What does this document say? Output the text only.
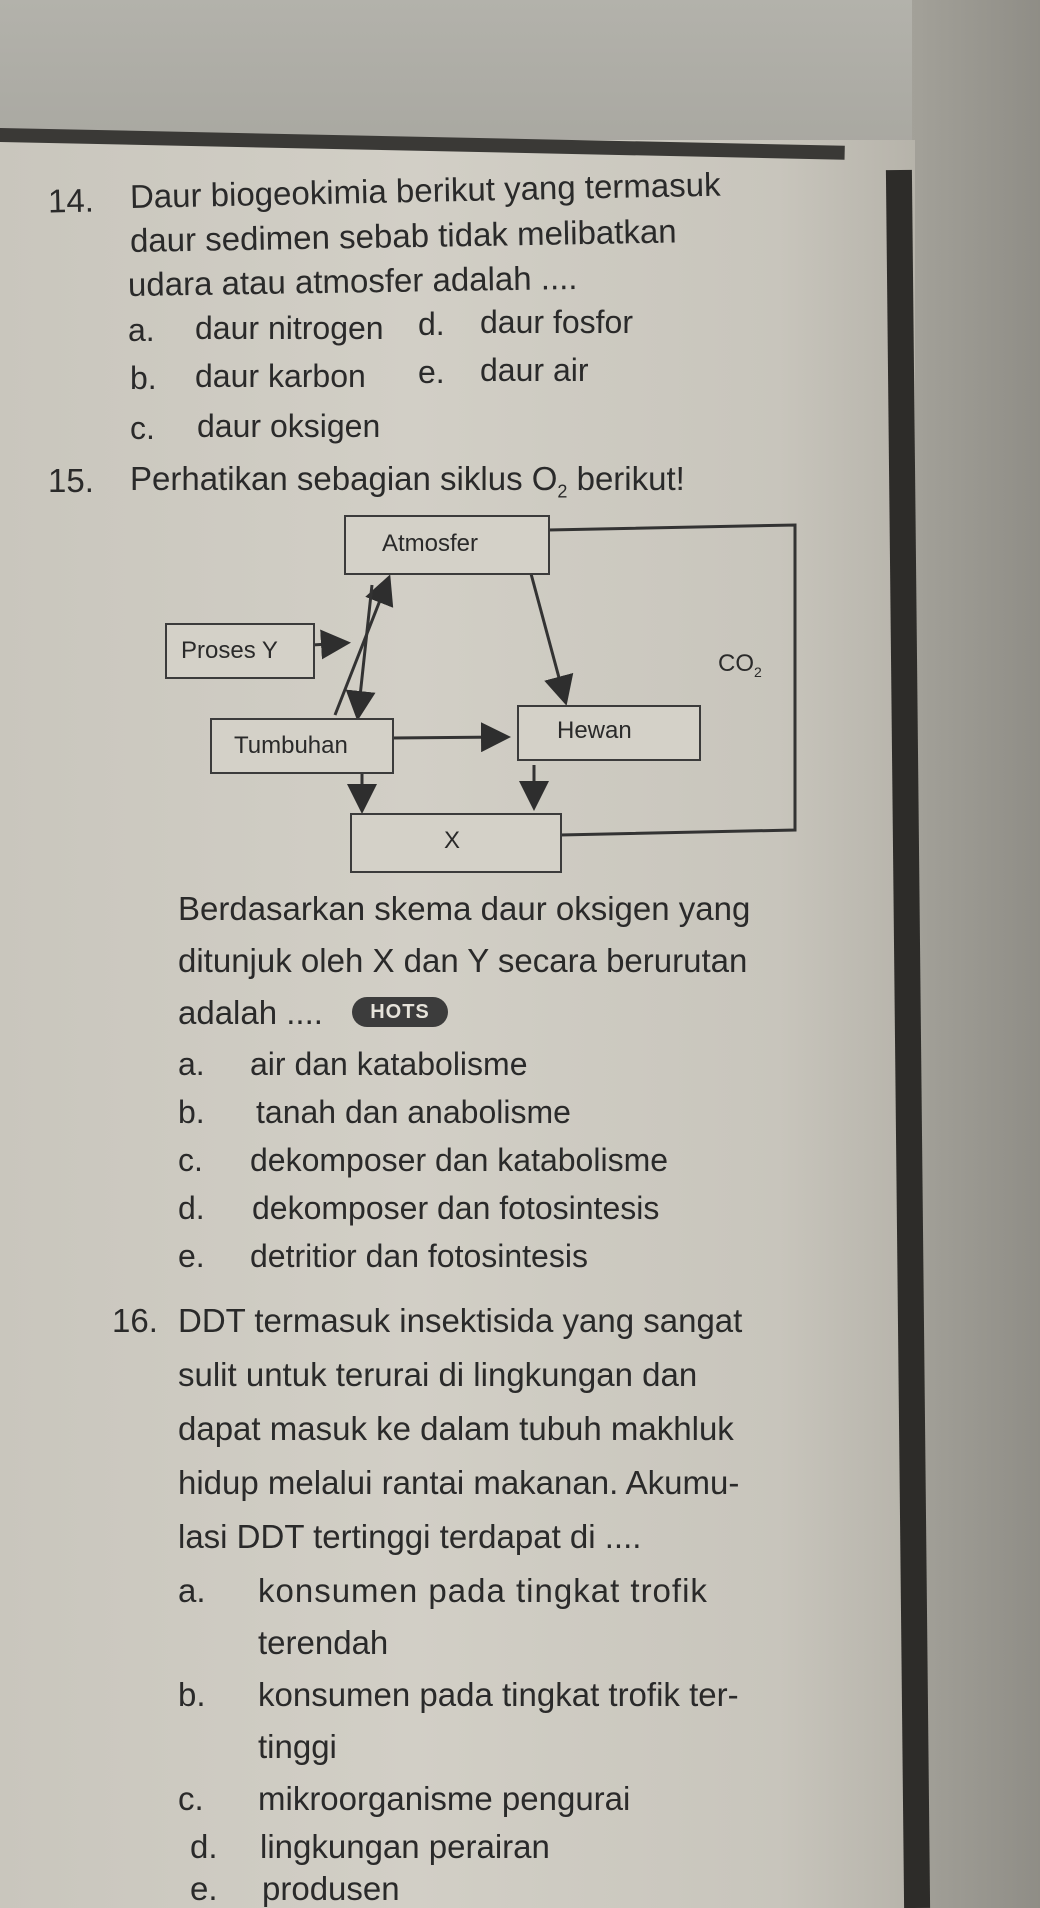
14. Daur biogeokimia berikut yang termasuk
daur sedimen sebab tidak melibatkan
udara atau atmosfer adalah ....
a. daur nitrogen d. daur fosfor
b. daur karbon e. daur air
c. daur oksigen
15. Perhatikan sebagian siklus $O_2$ berikut!
Atmosfer
Proses Y	$CO_2$
Tumbuhan
Hewan
X
Berdasarkan skema daur oksigen yang
ditunjuk oleh X dan Y secara berurutan
adalah ....	HOTS
a. air dan katabolisme
b. tanah dan anabolisme
c. dekomposer dan katabolisme
d. dekomposer dan fotosintesis
e. detritior dan fotosintesis
16. DDT termasuk insektisida yang sangat
sulit untuk terurai di lingkungan dan
dapat masuk ke dalam tubuh makhluk
hidup melalui rantai makanan. Akumu-
lasi DDT tertinggi terdapat di ....
a. konsumen pada tingkat trofik
terendah
b. konsumen pada tingkat trofik ter-
tinggi
c. mikroorganisme pengurai
d. lingkungan perairan
e. produsen
